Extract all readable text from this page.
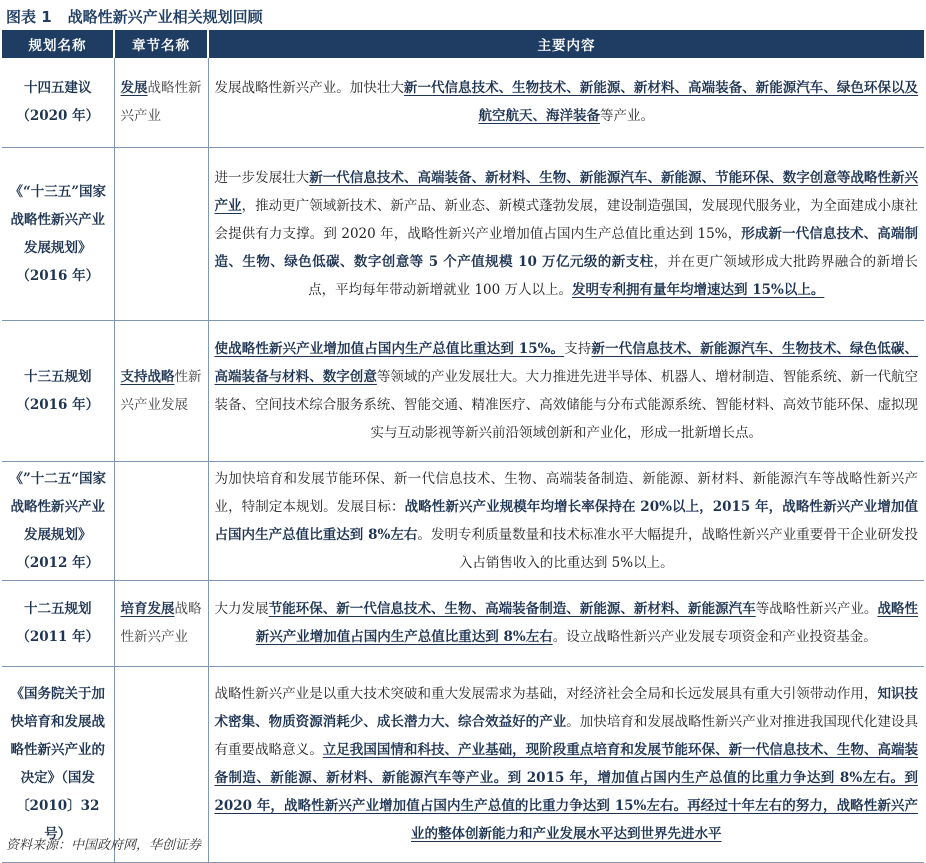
图表 1 战略性新兴产业相关规划回顾
规划名称	章节名称	主要内容
十四五建议（2020 年）	发展战略性新兴产业	发展战略性新兴产业。加快壮大新一代信息技术、生物技术、新能源、新材料、高端装备、新能源汽车、绿色环保以及航空航天、海洋装备等产业。
《“十三五”国家战略性新兴产业发展规划》（2016 年）		进一步发展壮大新一代信息技术、高端装备、新材料、生物、新能源汽车、新能源、节能环保、数字创意等战略性新兴产业，推动更广领域新技术、新产品、新业态、新模式蓬勃发展，建设制造强国，发展现代服务业，为全面建成小康社会提供有力支撑。到 2020 年，战略性新兴产业增加值占国内生产总值比重达到 15%，形成新一代信息技术、高端制造、生物、绿色低碳、数字创意等 5 个产值规模 10 万亿元级的新支柱，并在更广领域形成大批跨界融合的新增长点，平均每年带动新增就业 100 万人以上。发明专利拥有量年均增速达到 15%以上。
十三五规划（2016 年）	支持战略性新兴产业发展	使战略性新兴产业增加值占国内生产总值比重达到 15%。支持新一代信息技术、新能源汽车、生物技术、绿色低碳、高端装备与材料、数字创意等领域的产业发展壮大。大力推进先进半导体、机器人、增材制造、智能系统、新一代航空装备、空间技术综合服务系统、智能交通、精准医疗、高效储能与分布式能源系统、智能材料、高效节能环保、虚拟现实与互动影视等新兴前沿领域创新和产业化，形成一批新增长点。
《”十二五“国家战略性新兴产业发展规划》（2012 年）		为加快培育和发展节能环保、新一代信息技术、生物、高端装备制造、新能源、新材料、新能源汽车等战略性新兴产业，特制定本规划。发展目标：战略性新兴产业规模年均增长率保持在 20%以上，2015 年，战略性新兴产业增加值占国内生产总值比重达到 8%左右。发明专利质量数量和技术标准水平大幅提升，战略性新兴产业重要骨干企业研发投入占销售收入的比重达到 5%以上。
十二五规划（2011 年）	培育发展战略性新兴产业	大力发展节能环保、新一代信息技术、生物、高端装备制造、新能源、新材料、新能源汽车等战略性新兴产业。战略性新兴产业增加值占国内生产总值比重达到 8%左右。设立战略性新兴产业发展专项资金和产业投资基金。
《国务院关于加快培育和发展战略性新兴产业的决定》（国发〔2010〕32 号）		战略性新兴产业是以重大技术突破和重大发展需求为基础，对经济社会全局和长远发展具有重大引领带动作用，知识技术密集、物质资源消耗少、成长潜力大、综合效益好的产业。加快培育和发展战略性新兴产业对推进我国现代化建设具有重要战略意义。立足我国国情和科技、产业基础，现阶段重点培育和发展节能环保、新一代信息技术、生物、高端装备制造、新能源、新材料、新能源汽车等产业。到 2015 年，增加值占国内生产总值的比重力争达到 8%左右。到 2020 年，战略性新兴产业增加值占国内生产总值的比重力争达到 15%左右。再经过十年左右的努力，战略性新兴产业的整体创新能力和产业发展水平达到世界先进水平
资料来源：中国政府网，华创证券
